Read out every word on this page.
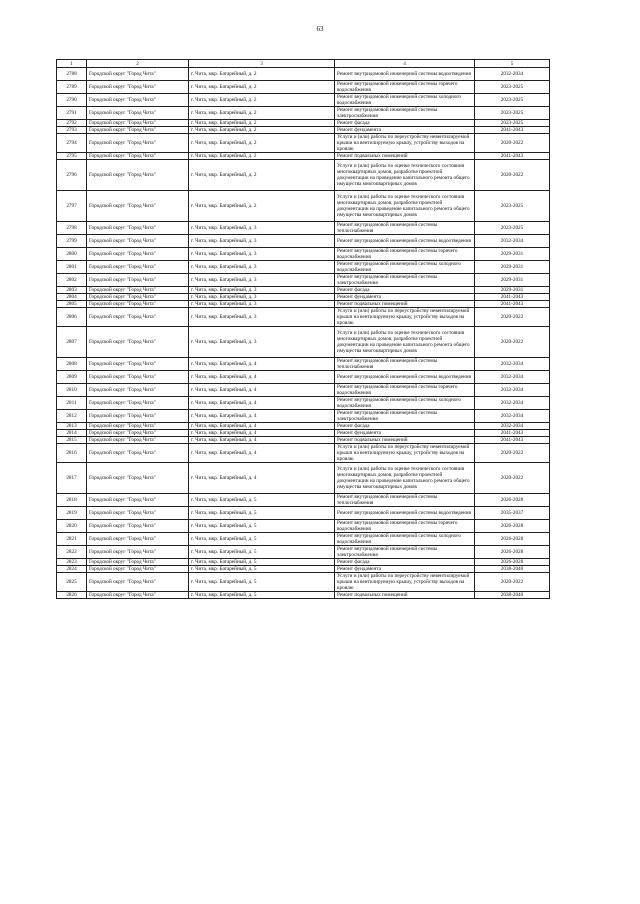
63
1	2	3	4	5
2788	Городской округ "Город Чита"	г. Чита, мкр. Батарейный, д. 2	Ремонт внутридомовой инженерной системы водоотведения	2032-2034
2789	Городской округ "Город Чита"	г. Чита, мкр. Батарейный, д. 2	Ремонт внутридомовой инженерной системы горячего водоснабжения	2023-2025
2790	Городской округ "Город Чита"	г. Чита, мкр. Батарейный, д. 2	Ремонт внутридомовой инженерной системы холодного водоснабжения	2023-2025
2791	Городской округ "Город Чита"	г. Чита, мкр. Батарейный, д. 2	Ремонт внутридомовой инженерной системы электроснабжения	2023-2025
2792	Городской округ "Город Чита"	г. Чита, мкр. Батарейный, д. 2	Ремонт фасада	2023-2025
2793	Городской округ "Город Чита"	г. Чита, мкр. Батарейный, д. 2	Ремонт фундамента	2041-2043
2794	Городской округ "Город Чита"	г. Чита, мкр. Батарейный, д. 2	Услуги и (или) работы по переустройству невентилируемой крыши на вентилируемую крышу, устройству выходов на кровлю	2020-2022
2795	Городской округ "Город Чита"	г. Чита, мкр. Батарейный, д. 2	Ремонт подвальных помещений	2041-2043
2796	Городской округ "Город Чита"	г. Чита, мкр. Батарейный, д. 2	Услуги и (или) работы по оценке технического состояния многоквартирных домов, разработке проектной документации на проведение капитального ремонта общего имущества многоквартирных домов	2020-2022
2797	Городской округ "Город Чита"	г. Чита, мкр. Батарейный, д. 2	Услуги и (или) работы по оценке технического состояния многоквартирных домов, разработке проектной документации на проведение капитального ремонта общего имущества многоквартирных домов	2023-2025
2798	Городской округ "Город Чита"	г. Чита, мкр. Батарейный, д. 3	Ремонт внутридомовой инженерной системы теплоснабжения	2023-2025
2799	Городской округ "Город Чита"	г. Чита, мкр. Батарейный, д. 3	Ремонт внутридомовой инженерной системы водоотведения	2032-2034
2800	Городской округ "Город Чита"	г. Чита, мкр. Батарейный, д. 3	Ремонт внутридомовой инженерной системы горячего водоснабжения	2029-2031
2801	Городской округ "Город Чита"	г. Чита, мкр. Батарейный, д. 3	Ремонт внутридомовой инженерной системы холодного водоснабжения	2029-2031
2802	Городской округ "Город Чита"	г. Чита, мкр. Батарейный, д. 3	Ремонт внутридомовой инженерной системы электроснабжения	2029-2031
2803	Городской округ "Город Чита"	г. Чита, мкр. Батарейный, д. 3	Ремонт фасада	2029-2031
2804	Городской округ "Город Чита"	г. Чита, мкр. Батарейный, д. 3	Ремонт фундамента	2041-2043
2805	Городской округ "Город Чита"	г. Чита, мкр. Батарейный, д. 3	Ремонт подвальных помещений	2041-2043
2806	Городской округ "Город Чита"	г. Чита, мкр. Батарейный, д. 3	Услуги и (или) работы по переустройству невентилируемой крыши на вентилируемую крышу, устройству выходов на кровлю	2020-2022
2807	Городской округ "Город Чита"	г. Чита, мкр. Батарейный, д. 3	Услуги и (или) работы по оценке технического состояния многоквартирных домов, разработке проектной документации на проведение капитального ремонта общего имущества многоквартирных домов	2020-2022
2808	Городской округ "Город Чита"	г. Чита, мкр. Батарейный, д. 4	Ремонт внутридомовой инженерной системы теплоснабжения	2032-2034
2809	Городской округ "Город Чита"	г. Чита, мкр. Батарейный, д. 4	Ремонт внутридомовой инженерной системы водоотведения	2032-2034
2810	Городской округ "Город Чита"	г. Чита, мкр. Батарейный, д. 4	Ремонт внутридомовой инженерной системы горячего водоснабжения	2032-2034
2811	Городской округ "Город Чита"	г. Чита, мкр. Батарейный, д. 4	Ремонт внутридомовой инженерной системы холодного водоснабжения	2032-2034
2812	Городской округ "Город Чита"	г. Чита, мкр. Батарейный, д. 4	Ремонт внутридомовой инженерной системы электроснабжения	2032-2034
2813	Городской округ "Город Чита"	г. Чита, мкр. Батарейный, д. 4	Ремонт фасада	2032-2034
2814	Городской округ "Город Чита"	г. Чита, мкр. Батарейный, д. 4	Ремонт фундамента	2041-2043
2815	Городской округ "Город Чита"	г. Чита, мкр. Батарейный, д. 4	Ремонт подвальных помещений	2041-2043
2816	Городской округ "Город Чита"	г. Чита, мкр. Батарейный, д. 4	Услуги и (или) работы по переустройству невентилируемой крыши на вентилируемую крышу, устройству выходов на кровлю	2020-2022
2817	Городской округ "Город Чита"	г. Чита, мкр. Батарейный, д. 4	Услуги и (или) работы по оценке технического состояния многоквартирных домов, разработке проектной документации на проведение капитального ремонта общего имущества многоквартирных домов	2020-2022
2818	Городской округ "Город Чита"	г. Чита, мкр. Батарейный, д. 5	Ремонт внутридомовой инженерной системы теплоснабжения	2026-2028
2819	Городской округ "Город Чита"	г. Чита, мкр. Батарейный, д. 5	Ремонт внутридомовой инженерной системы водоотведения	2035-2037
2820	Городской округ "Город Чита"	г. Чита, мкр. Батарейный, д. 5	Ремонт внутридомовой инженерной системы горячего водоснабжения	2026-2028
2821	Городской округ "Город Чита"	г. Чита, мкр. Батарейный, д. 5	Ремонт внутридомовой инженерной системы холодного водоснабжения	2026-2028
2822	Городской округ "Город Чита"	г. Чита, мкр. Батарейный, д. 5	Ремонт внутридомовой инженерной системы электроснабжения	2026-2028
2823	Городской округ "Город Чита"	г. Чита, мкр. Батарейный, д. 5	Ремонт фасада	2026-2028
2824	Городской округ "Город Чита"	г. Чита, мкр. Батарейный, д. 5	Ремонт фундамента	2038-2040
2825	Городской округ "Город Чита"	г. Чита, мкр. Батарейный, д. 5	Услуги и (или) работы по переустройству невентилируемой крыши на вентилируемую крышу, устройству выходов на кровлю	2020-2022
2826	Городской округ "Город Чита"	г. Чита, мкр. Батарейный, д. 5	Ремонт подвальных помещений	2038-2040
